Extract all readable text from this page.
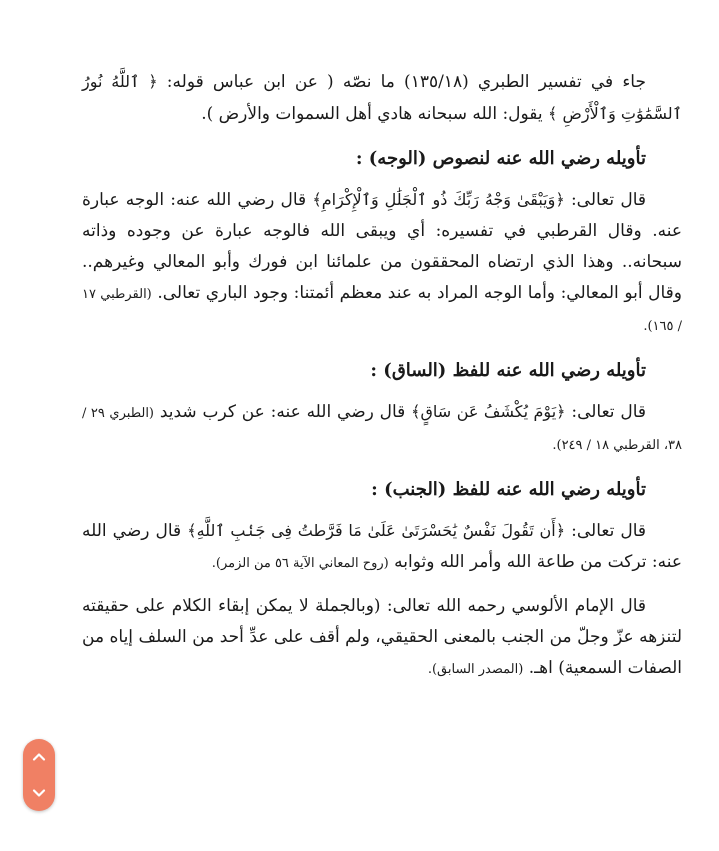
جاء في تفسير الطبري (١٣٥/١٨) ما نصّه ( عن ابن عباس قوله: ﴿ ٱللَّهُ نُورُ ٱلسَّمَٰوَٰتِ وَٱلْأَرْضِ ﴾ يقول: الله سبحانه هادي أهل السموات والأرض ).

تأويله رضي الله عنه لنصوص (الوجه) :

قال تعالى: ﴿وَيَبْقَىٰ وَجْهُ رَبِّكَ ذُو ٱلْجَلَٰلِ وَٱلْإِكْرَامِ﴾ قال رضي الله عنه: الوجه عبارة عنه. وقال القرطبي في تفسيره: أي ويبقى الله فالوجه عبارة عن وجوده وذاته سبحانه.. وهذا الذي ارتضاه المحققون من علمائنا ابن فورك وأبو المعالي وغيرهم.. وقال أبو المعالي: وأما الوجه المراد به عند معظم أئمتنا: وجود الباري تعالى. (القرطبي ١٧ / ١٦٥).

تأويله رضي الله عنه للفظ (الساق) :

قال تعالى: ﴿يَوْمَ يُكْشَفُ عَن سَاقٍ﴾ قال رضي الله عنه: عن كرب شديد (الطبري ٢٩ / ٣٨، القرطبي ١٨ / ٢٤٩).

تأويله رضي الله عنه للفظ (الجنب) :

قال تعالى: ﴿أَن تَقُولَ نَفْسٌ يَٰحَسْرَتَىٰ عَلَىٰ مَا فَرَّطتُ فِى جَنۢبِ ٱللَّهِ﴾ قال رضي الله عنه: تركت من طاعة الله وأمر الله وثوابه (روح المعاني الآية ٥٦ من الزمر).

قال الإمام الألوسي رحمه الله تعالى: (وبالجملة لا يمكن إبقاء الكلام على حقيقته لتنزهه عزّ وجلّ من الجنب بالمعنى الحقيقي، ولم أقف على عدِّ أحد من السلف إياه من الصفات السمعية) اهـ. (المصدر السابق).
